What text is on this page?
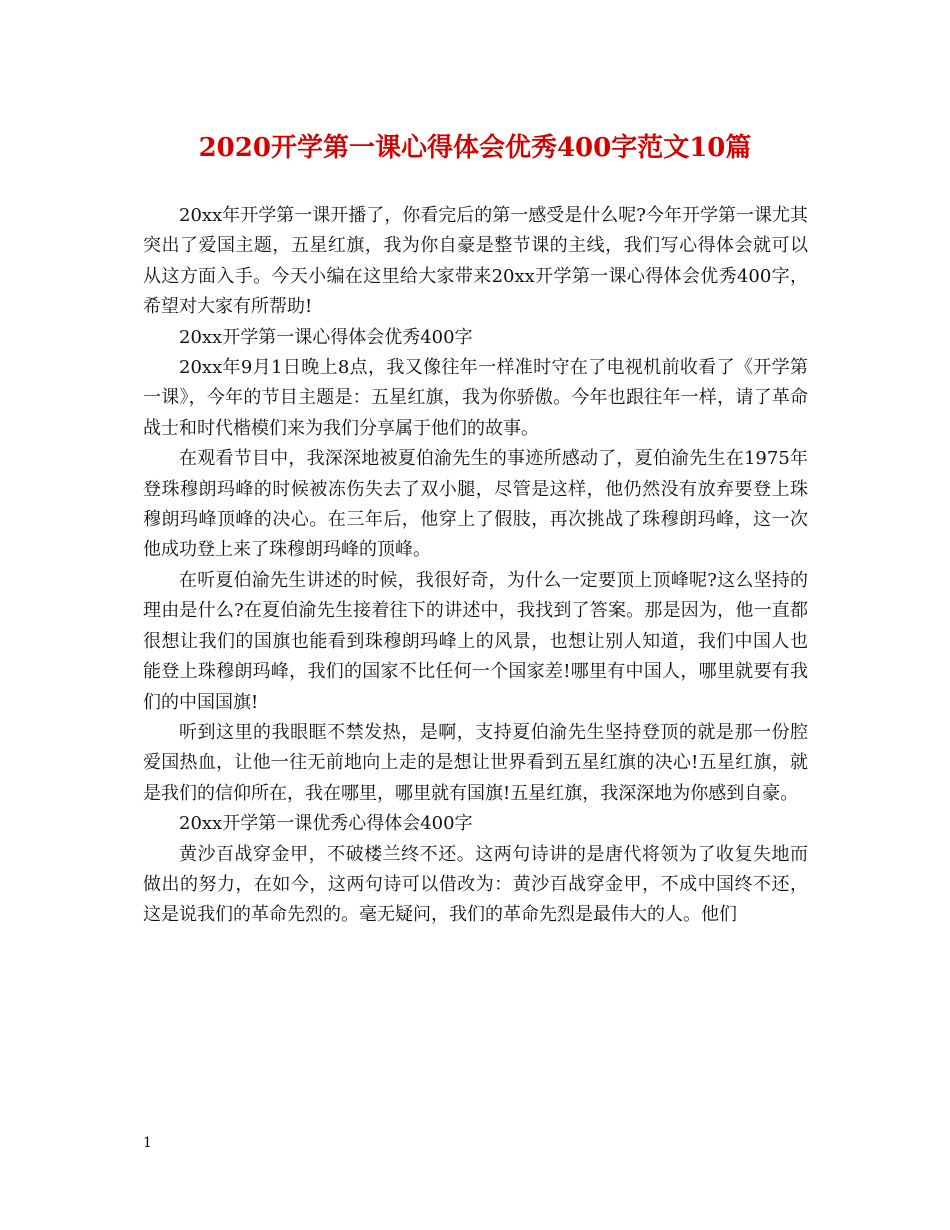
2020开学第一课心得体会优秀400字范文10篇

20xx年开学第一课开播了，你看完后的第一感受是什么呢?今年开学第一课尤其突出了爱国主题，五星红旗，我为你自豪是整节课的主线，我们写心得体会就可以从这方面入手。今天小编在这里给大家带来20xx开学第一课心得体会优秀400字，希望对大家有所帮助!

20xx开学第一课心得体会优秀400字

20xx年9月1日晚上8点，我又像往年一样准时守在了电视机前收看了《开学第一课》，今年的节目主题是：五星红旗，我为你骄傲。今年也跟往年一样，请了革命战士和时代楷模们来为我们分享属于他们的故事。

在观看节目中，我深深地被夏伯渝先生的事迹所感动了，夏伯渝先生在1975年登珠穆朗玛峰的时候被冻伤失去了双小腿，尽管是这样，他仍然没有放弃要登上珠穆朗玛峰顶峰的决心。在三年后，他穿上了假肢，再次挑战了珠穆朗玛峰，这一次他成功登上来了珠穆朗玛峰的顶峰。

在听夏伯渝先生讲述的时候，我很好奇，为什么一定要顶上顶峰呢?这么坚持的理由是什么?在夏伯渝先生接着往下的讲述中，我找到了答案。那是因为，他一直都很想让我们的国旗也能看到珠穆朗玛峰上的风景，也想让别人知道，我们中国人也能登上珠穆朗玛峰，我们的国家不比任何一个国家差!哪里有中国人，哪里就要有我们的中国国旗!

听到这里的我眼眶不禁发热，是啊，支持夏伯渝先生坚持登顶的就是那一份腔爱国热血，让他一往无前地向上走的是想让世界看到五星红旗的决心!五星红旗，就是我们的信仰所在，我在哪里，哪里就有国旗!五星红旗，我深深地为你感到自豪。

20xx开学第一课优秀心得体会400字

黄沙百战穿金甲，不破楼兰终不还。这两句诗讲的是唐代将领为了收复失地而做出的努力，在如今，这两句诗可以借改为：黄沙百战穿金甲，不成中国终不还，这是说我们的革命先烈的。毫无疑问，我们的革命先烈是最伟大的人。他们

1
